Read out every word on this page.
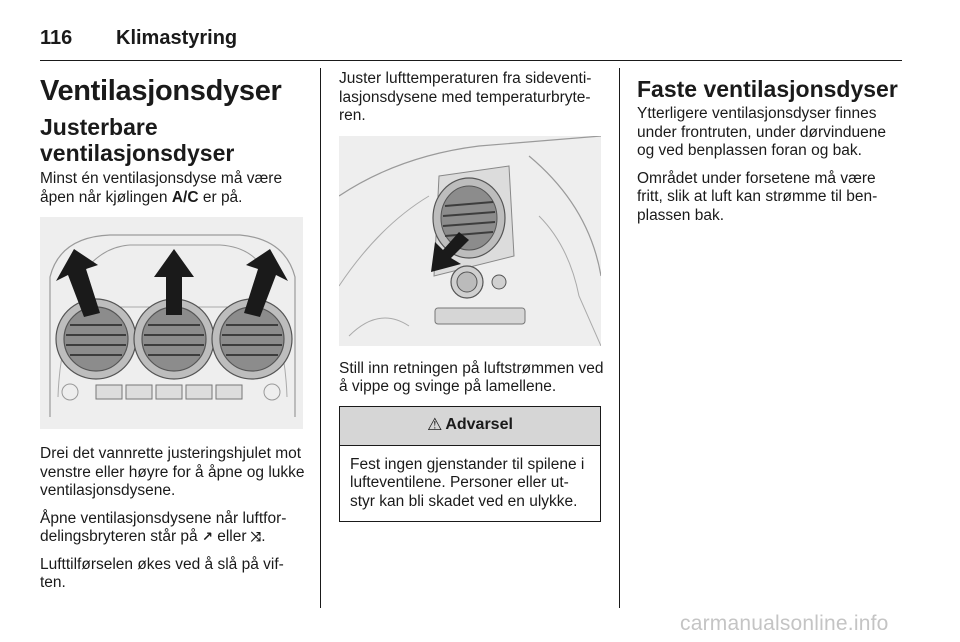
116	Klimastyring
Ventilasjonsdyser
Justerbare ventilasjonsdyser

Minst én ventilasjonsdyse må være åpen når kjølingen A/C er på.

Drei det vannrette justeringshjulet mot venstre eller høyre for å åpne og lukke ventilasjonsdysene.

Åpne ventilasjonsdysene når luftfor-delingsbryteren står på ↗ eller ⤨.

Lufttilførselen økes ved å slå på vif-ten.

Juster lufttemperaturen fra sideventi-lasjonsdysene med temperaturbryte-ren.

Still inn retningen på luftstrømmen ved å vippe og svinge på lamellene.

⚠ Advarsel
Fest ingen gjenstander til spilene i lufteventilene. Personer eller ut-styr kan bli skadet ved en ulykke.
Faste ventilasjonsdyser

Ytterligere ventilasjonsdyser finnes under frontruten, under dørvinduene og ved benplassen foran og bak.

Området under forsetene må være fritt, slik at luft kan strømme til ben-plassen bak.

carmanualsonline.info
